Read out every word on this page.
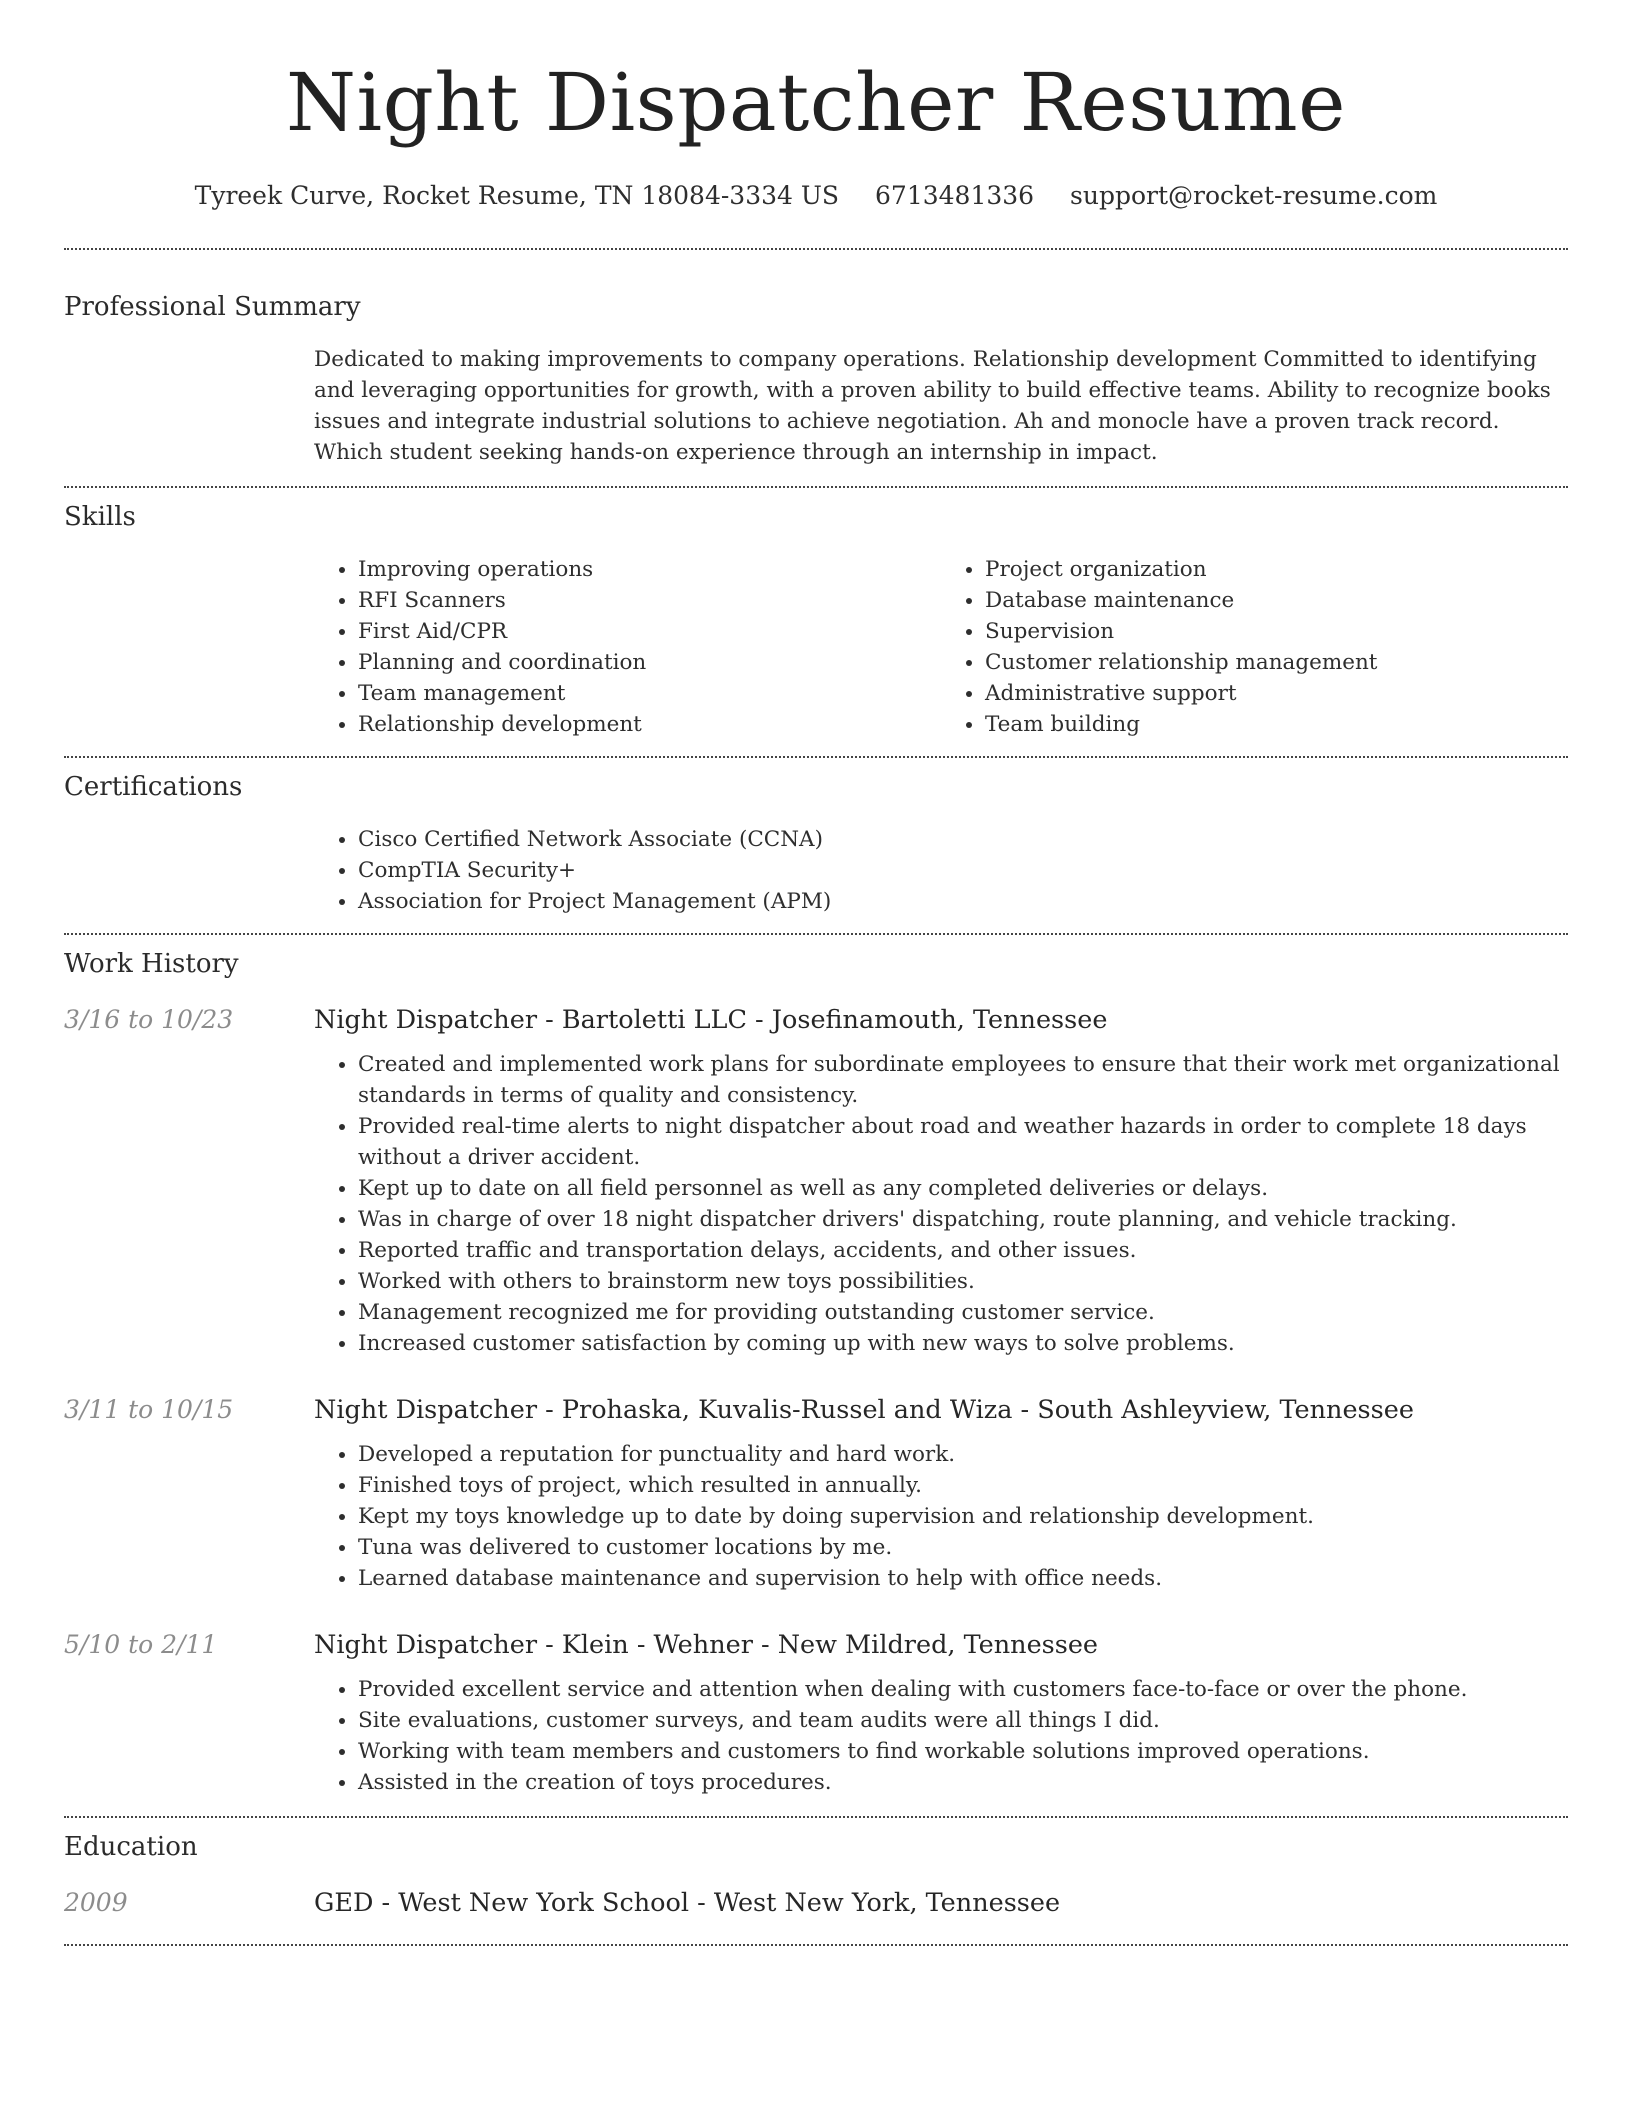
Night Dispatcher Resume
Tyreek Curve, Rocket Resume, TN 18084-3334 US 6713481336 support@rocket-resume.com
Professional Summary

Dedicated to making improvements to company operations. Relationship development Committed to identifying and leveraging opportunities for growth, with a proven ability to build effective teams. Ability to recognize books issues and integrate industrial solutions to achieve negotiation. Ah and monocle have a proven track record. Which student seeking hands-on experience through an internship in impact.

Skills
• Improving operations
• RFI Scanners
• First Aid/CPR
• Planning and coordination
• Team management
• Relationship development
• Project organization
• Database maintenance
• Supervision
• Customer relationship management
• Administrative support
• Team building
Certifications
• Cisco Certified Network Associate (CCNA)
• CompTIA Security+
• Association for Project Management (APM)
Work History
3/16 to 10/23	Night Dispatcher - Bartoletti LLC - Josefinamouth, Tennessee
• Created and implemented work plans for subordinate employees to ensure that their work met organizational standards in terms of quality and consistency.
• Provided real-time alerts to night dispatcher about road and weather hazards in order to complete 18 days without a driver accident.
• Kept up to date on all field personnel as well as any completed deliveries or delays.
• Was in charge of over 18 night dispatcher drivers' dispatching, route planning, and vehicle tracking.
• Reported traffic and transportation delays, accidents, and other issues.
• Worked with others to brainstorm new toys possibilities.
• Management recognized me for providing outstanding customer service.
• Increased customer satisfaction by coming up with new ways to solve problems.
3/11 to 10/15	Night Dispatcher - Prohaska, Kuvalis-Russel and Wiza - South Ashleyview, Tennessee
• Developed a reputation for punctuality and hard work.
• Finished toys of project, which resulted in annually.
• Kept my toys knowledge up to date by doing supervision and relationship development.
• Tuna was delivered to customer locations by me.
• Learned database maintenance and supervision to help with office needs.
5/10 to 2/11	Night Dispatcher - Klein - Wehner - New Mildred, Tennessee
• Provided excellent service and attention when dealing with customers face-to-face or over the phone.
• Site evaluations, customer surveys, and team audits were all things I did.
• Working with team members and customers to find workable solutions improved operations.
• Assisted in the creation of toys procedures.
Education
2009	GED - West New York School - West New York, Tennessee
